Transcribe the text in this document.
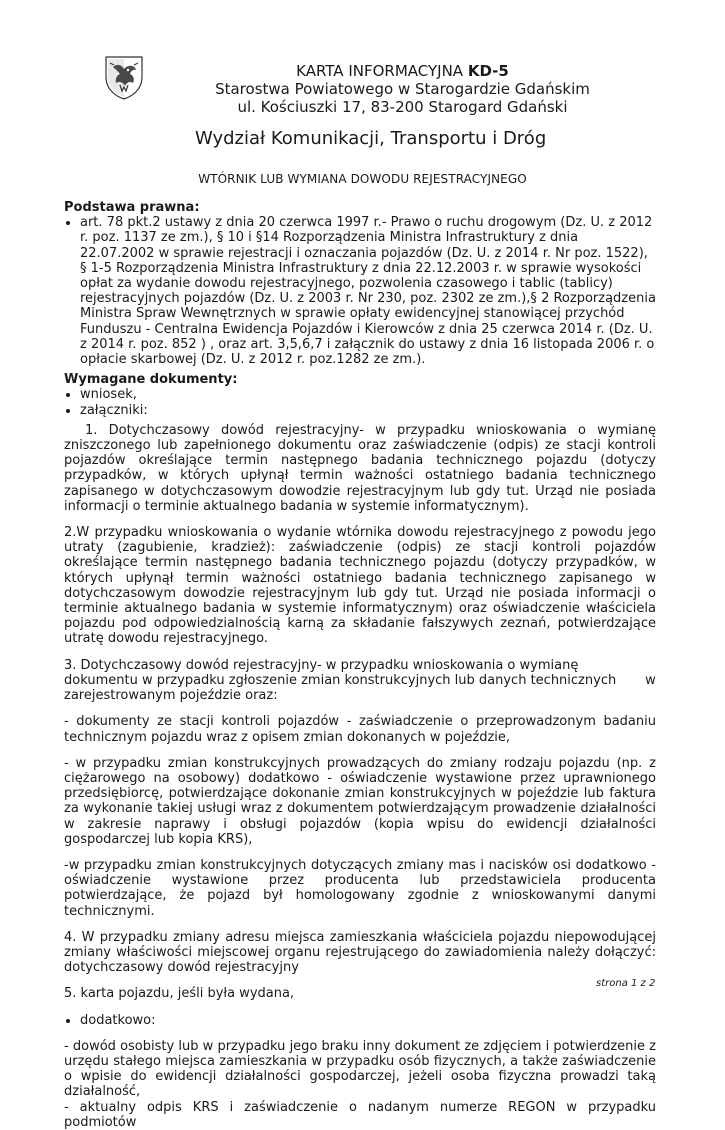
KARTA INFORMACYJNA KD-5
Starostwa Powiatowego w Starogardzie Gdańskim
ul. Kościuszki 17, 83-200 Starogard Gdański
Wydział Komunikacji, Transportu i Dróg
WTÓRNIK LUB WYMIANA DOWODU REJESTRACYJNEGO

Podstawa prawna:

• art. 78 pkt.2 ustawy z dnia 20 czerwca 1997 r.- Prawo o ruchu drogowym (Dz. U. z 2012 r. poz. 1137 ze zm.), § 10 i §14 Rozporządzenia Ministra Infrastruktury z dnia 22.07.2002 w sprawie rejestracji i oznaczania pojazdów (Dz. U. z 2014 r. Nr poz. 1522), § 1-5 Rozporządzenia Ministra Infrastruktury z dnia 22.12.2003 r. w sprawie wysokości opłat za wydanie dowodu rejestracyjnego, pozwolenia czasowego i tablic (tablicy) rejestracyjnych pojazdów (Dz. U. z 2003 r. Nr 230, poz. 2302 ze zm.),§ 2 Rozporządzenia Ministra Spraw Wewnętrznych w sprawie opłaty ewidencyjnej stanowiącej przychód Funduszu - Centralna Ewidencja Pojazdów i Kierowców z dnia 25 czerwca 2014 r. (Dz. U. z 2014 r. poz. 852 ) , oraz art. 3,5,6,7 i załącznik do ustawy z dnia 16 listopada 2006 r. o opłacie skarbowej (Dz. U. z 2012 r. poz.1282 ze zm.).

Wymagane dokumenty:

• wniosek,
• załączniki:

1. Dotychczasowy dowód rejestracyjny- w przypadku wnioskowania o wymianę zniszczonego lub zapełnionego dokumentu oraz zaświadczenie (odpis) ze stacji kontroli pojazdów określające termin następnego badania technicznego pojazdu (dotyczy przypadków, w których upłynął termin ważności ostatniego badania technicznego zapisanego w dotychczasowym dowodzie rejestracyjnym lub gdy tut. Urząd nie posiada informacji o terminie aktualnego badania w systemie informatycznym).

2.W przypadku wnioskowania o wydanie wtórnika dowodu rejestracyjnego z powodu jego utraty (zagubienie, kradzież): zaświadczenie (odpis) ze stacji kontroli pojazdów określające termin następnego badania technicznego pojazdu (dotyczy przypadków, w których upłynął termin ważności ostatniego badania technicznego zapisanego w dotychczasowym dowodzie rejestracyjnym lub gdy tut. Urząd nie posiada informacji o terminie aktualnego badania w systemie informatycznym) oraz oświadczenie właściciela pojazdu pod odpowiedzialnością karną za składanie fałszywych zeznań, potwierdzające utratę dowodu rejestracyjnego.

3. Dotychczasowy dowód rejestracyjny- w przypadku wnioskowania o wymianę
dokumentu w przypadku zgłoszenie zmian konstrukcyjnych lub danych technicznych       w
zarejestrowanym pojeździe oraz:

- dokumenty ze stacji kontroli pojazdów - zaświadczenie o przeprowadzonym badaniu technicznym pojazdu wraz z opisem zmian dokonanych w pojeździe,

- w przypadku zmian konstrukcyjnych prowadzących do zmiany rodzaju pojazdu (np. z ciężarowego na osobowy) dodatkowo - oświadczenie wystawione przez uprawnionego przedsiębiorcę, potwierdzające dokonanie zmian konstrukcyjnych w pojeździe lub faktura za wykonanie takiej usługi wraz z dokumentem potwierdzającym prowadzenie działalności w zakresie naprawy i obsługi pojazdów (kopia wpisu do ewidencji działalności gospodarczej lub kopia KRS),

-w przypadku zmian konstrukcyjnych dotyczących zmiany mas i nacisków osi dodatkowo - oświadczenie wystawione przez producenta lub przedstawiciela producenta potwierdzające, że pojazd był homologowany zgodnie z wnioskowanymi danymi technicznymi.

4. W przypadku zmiany adresu miejsca zamieszkania właściciela pojazdu niepowodującej zmiany właściwości miejscowej organu rejestrującego do zawiadomienia należy dołączyć: dotychczasowy dowód rejestracyjny

5. karta pojazdu, jeśli była wydana,

• dodatkowo:

- dowód osobisty lub w przypadku jego braku inny dokument ze zdjęciem i potwierdzenie z urzędu stałego miejsca zamieszkania w przypadku osób fizycznych, a także zaświadczenie o wpisie do ewidencji działalności gospodarczej, jeżeli osoba fizyczna prowadzi taką działalność,

- aktualny odpis KRS i zaświadczenie o nadanym numerze REGON w przypadku podmiotów

strona 1 z 2
